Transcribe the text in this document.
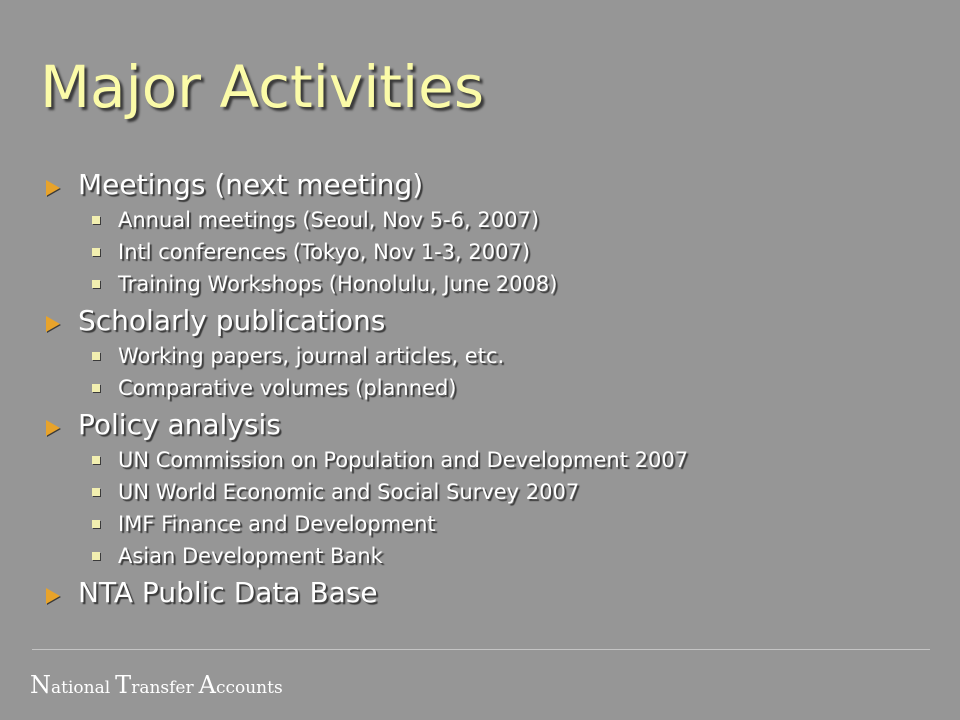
Major Activities
Meetings (next meeting)
Annual meetings (Seoul, Nov 5-6, 2007)
Intl conferences (Tokyo, Nov 1-3, 2007)
Training Workshops (Honolulu, June 2008)
Scholarly publications
Working papers, journal articles, etc.
Comparative volumes (planned)
Policy analysis
UN Commission on Population and Development 2007
UN World Economic and Social Survey 2007
IMF Finance and Development
Asian Development Bank
NTA Public Data Base
National Transfer Accounts
